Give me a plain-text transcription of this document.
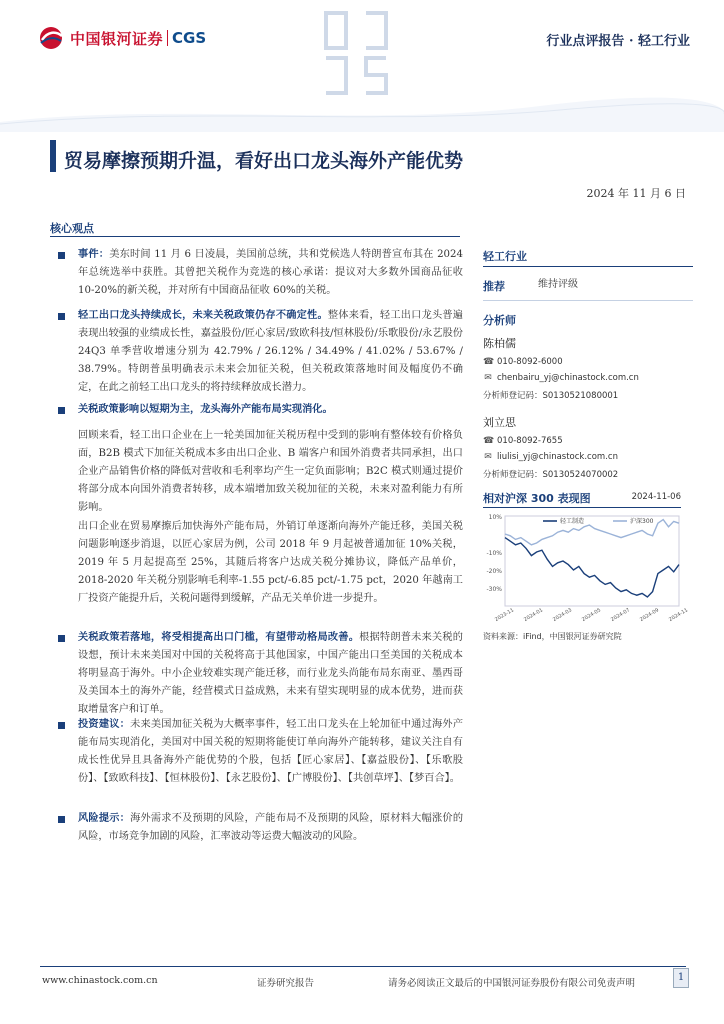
中国银河证券 CGS	行业点评报告 · 轻工行业
贸易摩擦预期升温，看好出口龙头海外产能优势
2024 年 11 月 6 日
核心观点
事件：美东时间 11 月 6 日凌晨，美国前总统，共和党候选人特朗普宣布其在 2024 年总统选举中获胜。其曾把关税作为竞选的核心承诺：提议对大多数外国商品征收 10-20%的新关税，并对所有中国商品征收 60%的关税。
轻工出口龙头持续成长，未来关税政策仍存不确定性。整体来看，轻工出口龙头普遍表现出较强的业绩成长性，嘉益股份/匠心家居/致欧科技/恒林股份/乐歌股份/永艺股份 24Q3 单季营收增速分别为 42.79% / 26.12% / 34.49% / 41.02% / 53.67% / 38.79%。特朗普虽明确表示未来会加征关税，但关税政策落地时间及幅度仍不确定，在此之前轻工出口龙头的将持续释放成长潜力。
关税政策影响以短期为主，龙头海外产能布局实现消化。
回顾来看，轻工出口企业在上一轮美国加征关税历程中受到的影响有整体较有价格负面，B2B 模式下加征关税成本多由出口企业、B 端客户和国外消费者共同承担，出口企业产品销售价格的降低对营收和毛利率均产生一定负面影响；B2C 模式则通过提价将部分成本向国外消费者转移，成本端增加致关税加征的关税，未来对盈利能力有所影响。
出口企业在贸易摩擦后加快海外产能布局，外销订单逐渐向海外产能迁移，美国关税问题影响逐步消退，以匠心家居为例，公司 2018 年 9 月起被普通加征 10%关税，2019 年 5 月起提高至 25%，其随后将客户达成关税分摊协议，降低产品单价，2018-2020 年关税分别影响毛利率-1.55 pct/-6.85 pct/-1.75 pct，2020 年越南工厂投资产能提升后，关税问题得到缓解，产品无关单价进一步提升。
关税政策若落地，将受相提高出口门槛，有望带动格局改善。根据特朗普未来关税的设想，预计未来美国对中国的关税将高于其他国家，中国产能出口至美国的关税成本将明显高于海外。中小企业较难实现产能迁移，而行业龙头尚能布局东南亚、墨西哥及美国本土的海外产能，经营模式日益成熟，未来有望实现明显的成本优势，进而获取增量客户和订单。
投资建议：未来美国加征关税为大概率事件，轻工出口龙头在上轮加征中通过海外产能布局实现消化，美国对中国关税的短期将能使订单向海外产能转移，建议关注自有成长性优异且具备海外产能优势的个股，包括【匠心家居】、【嘉益股份】、【乐歌股份】、【致欧科技】、【恒林股份】、【永艺股份】、【广博股份】、【共创草坪】、【梦百合】。
风险提示：海外需求不及预期的风险，产能布局不及预期的风险，原材料大幅涨价的风险，市场竞争加剧的风险，汇率波动等运费大幅波动的风险。
轻工行业
推荐	维持评级
分析师
陈柏儒
☎ 010-8092-6000
✉ chenbairu_yj@chinastock.com.cn
分析师登记码：S0130521080001
刘立思
☎ 010-8092-7655
✉ liulisi_yj@chinastock.com.cn
分析师登记码：S0130524070002
相对沪深 300 表现图	2024-11-06
10%
-10%
-20%
-30%
2023-11 2024-01 2024-03 2024-05 2024-07 2024-09 2024-11
轻工制造	沪深300
资料来源：iFind，中国银河证券研究院
www.chinastock.com.cn	证券研究报告	请务必阅读正文最后的中国银河证券股份有限公司免责声明
1
